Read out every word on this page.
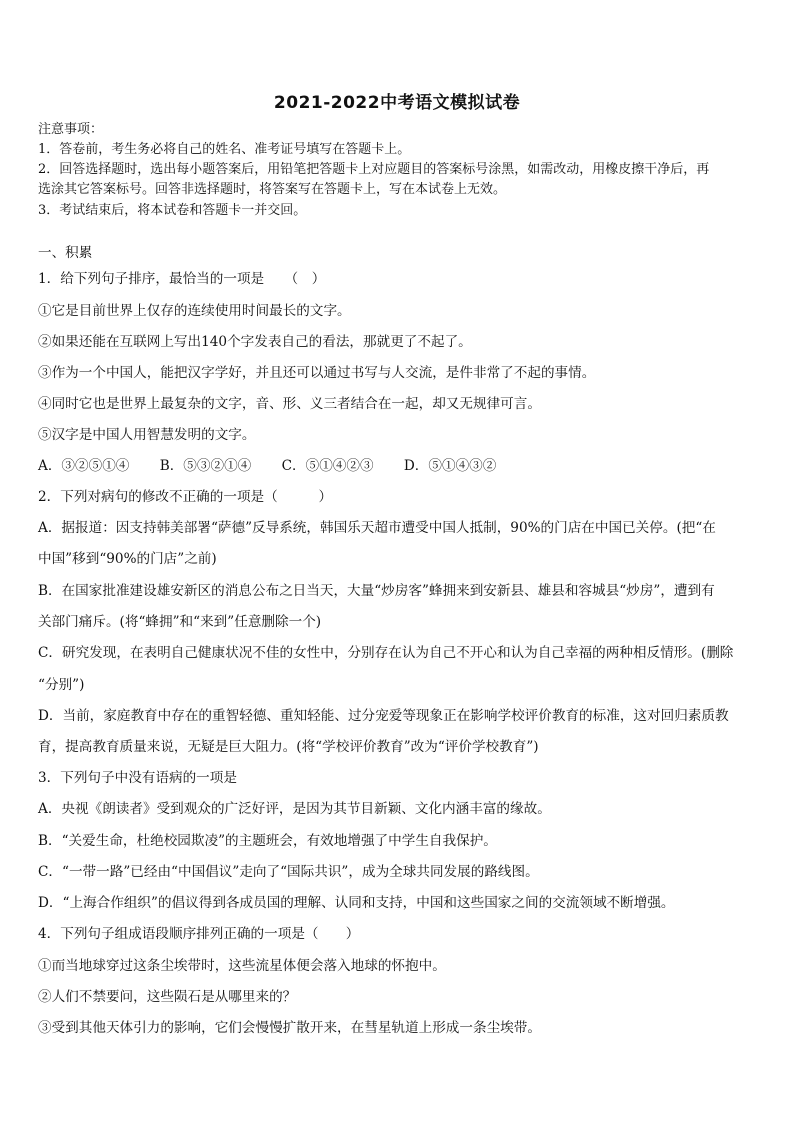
2021-2022中考语文模拟试卷
注意事项：
1．答卷前，考生务必将自己的姓名、准考证号填写在答题卡上。
2．回答选择题时，选出每小题答案后，用铅笔把答题卡上对应题目的答案标号涂黑，如需改动，用橡皮擦干净后，再
选涂其它答案标号。回答非选择题时，将答案写在答题卡上，写在本试卷上无效。
3．考试结束后，将本试卷和答题卡一并交回。
一、积累
1．给下列句子排序，最恰当的一项是　　（　）
①它是目前世界上仅存的连续使用时间最长的文字。
②如果还能在互联网上写出140个字发表自己的看法，那就更了不起了。
③作为一个中国人，能把汉字学好，并且还可以通过书写与人交流，是件非常了不起的事情。
④同时它也是世界上最复杂的文字，音、形、义三者结合在一起，却又无规律可言。
⑤汉字是中国人用智慧发明的文字。
A．③②⑤①④ B．⑤③②①④ C．⑤①④②③ D．⑤①④③②
2．下列对病句的修改不正确的一项是（　　　）
A．据报道：因支持韩美部署“萨德”反导系统，韩国乐天超市遭受中国人抵制，90%的门店在中国已关停。(把“在
中国”移到“90%的门店”之前)
B．在国家批准建设雄安新区的消息公布之日当天，大量“炒房客”蜂拥来到安新县、雄县和容城县“炒房”，遭到有
关部门痛斥。(将“蜂拥”和“来到”任意删除一个)
C．研究发现，在表明自己健康状况不佳的女性中，分别存在认为自己不开心和认为自己幸福的两种相反情形。(删除
“分别”)
D．当前，家庭教育中存在的重智轻德、重知轻能、过分宠爱等现象正在影响学校评价教育的标准，这对回归素质教
育，提高教育质量来说，无疑是巨大阻力。(将“学校评价教育”改为“评价学校教育”)
3．下列句子中没有语病的一项是
A．央视《朗读者》受到观众的广泛好评，是因为其节目新颖、文化内涵丰富的缘故。
B．“关爱生命，杜绝校园欺凌”的主题班会，有效地增强了中学生自我保护。
C．“一带一路”已经由“中国倡议”走向了“国际共识”，成为全球共同发展的路线图。
D．“上海合作组织”的倡议得到各成员国的理解、认同和支持，中国和这些国家之间的交流领域不断增强。
4．下列句子组成语段顺序排列正确的一项是（　　）
①而当地球穿过这条尘埃带时，这些流星体便会落入地球的怀抱中。
②人们不禁要问，这些陨石是从哪里来的？
③受到其他天体引力的影响，它们会慢慢扩散开来，在彗星轨道上形成一条尘埃带。
